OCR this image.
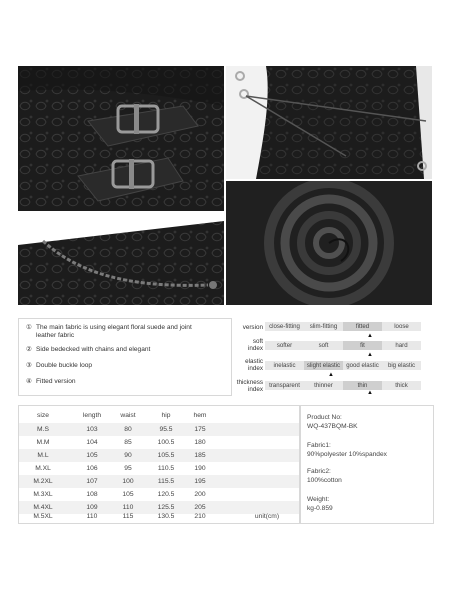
① The main fabric is using elegant floral suede and joint
leather fabric
② Side bedecked with chains and elegant
③ Double buckle loop
④ Fitted version
version close-fitting	slim-fitting	fitted	loose
▲
soft
index	softer	soft	fit	hard
▲
elastic
index	inelastic	slight elastic	good elastic	big elastic
▲
thickness
index
transparent	thinner	thin	thick
▲
size	length	waist	hip	hem
M.S	103	80	95.5	175
M.M	104	85	100.5	180
M.L	105	90	105.5	185
M.XL	106	95	110.5	190
M.2XL	107	100	115.5	195
M.3XL	108	105	120.5	200
M.4XL	109	110	125.5	205
M.5XL	110	115	130.5	210	unit(cm)
Product No:
WQ-437BQM-BK
Fabric1:
90%polyester 10%spandex
Fabric2:
100%cotton
Weight:
kg-0.859
